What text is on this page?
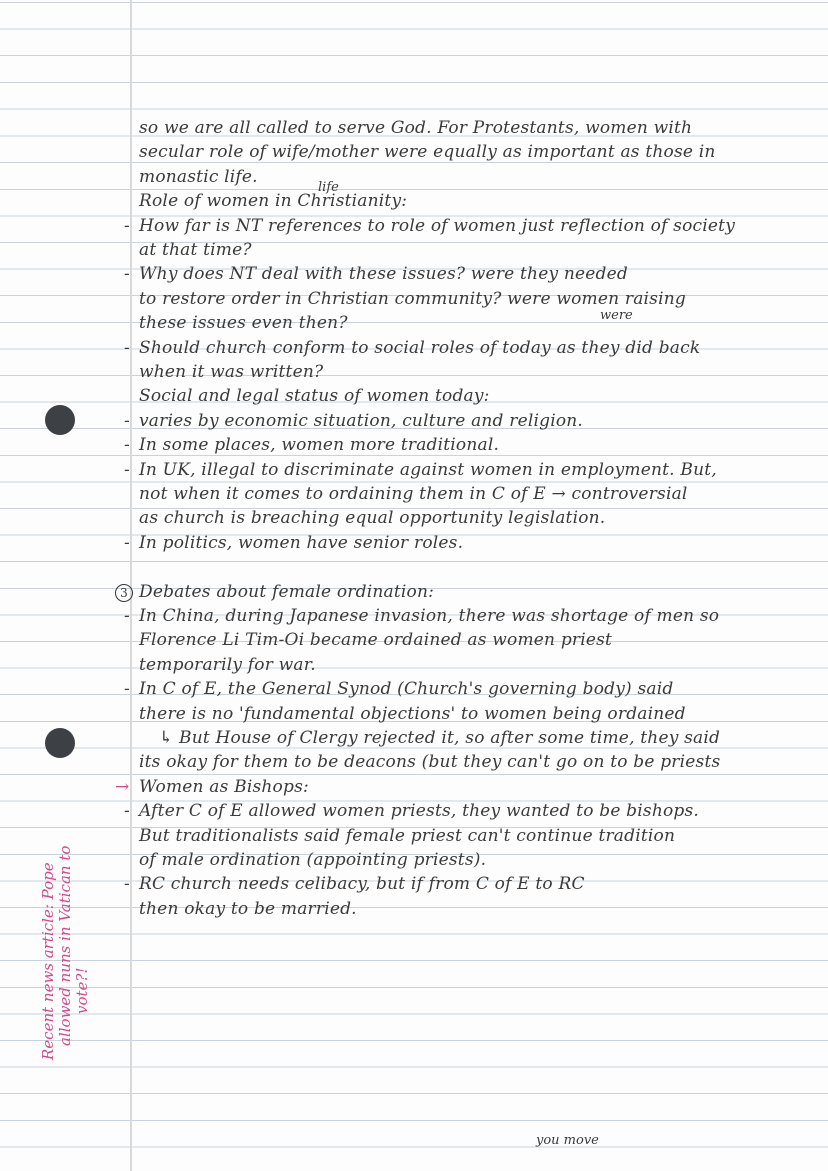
so we are all called to serve God. For Protestants, women with
secular role of wife/mother were equally as important as those in
monastic life.
Role of women in Christianity:
- How far is NT references to role of women just reflection of society
at that time?
- Why does NT deal with these issues? were they needed
to restore order in Christian community? were women raising
these issues even then?
- Should church conform to social roles of today as they did back
when it was written?
Social and legal status of women today:
- varies by economic situation, culture and religion.
- In some places, women more traditional.
- In UK, illegal to discriminate against women in employment. But,
not when it comes to ordaining them in C of E → controversial
as church is breaching equal opportunity legislation.
- In politics, women have senior roles.
3 Debates about female ordination:
- In China, during Japanese invasion, there was shortage of men so
Florence Li Tim-Oi became ordained as women priest
temporarily for war.
- In C of E, the General Synod (Church's governing body) said
there is no 'fundamental objections' to women being ordained
↳ But House of Clergy rejected it, so after some time, they said
its okay for them to be deacons (but they can't go on to be priests
→ Women as Bishops:
- After C of E allowed women priests, they wanted to be bishops.
But traditionalists said female priest can't continue tradition
of male ordination (appointing priests).
- RC church needs celibacy, but if from C of E to RC
then okay to be married.
life
were
you move
Recent news article: Pope allowed nuns in Vatican to vote?!
